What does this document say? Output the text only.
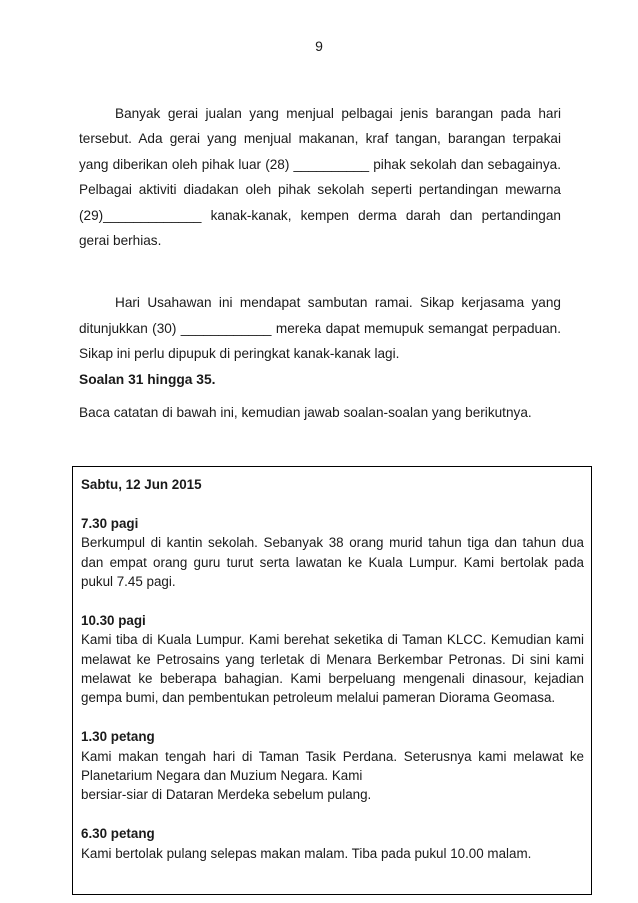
9

Banyak gerai jualan yang menjual pelbagai jenis barangan pada hari tersebut. Ada gerai yang menjual makanan, kraf tangan, barangan terpakai yang diberikan oleh pihak luar (28) __________ pihak sekolah dan sebagainya. Pelbagai aktiviti diadakan oleh pihak sekolah seperti pertandingan mewarna (29)_____________ kanak-kanak, kempen derma darah dan pertandingan gerai berhias.

Hari Usahawan ini mendapat sambutan ramai. Sikap kerjasama yang ditunjukkan (30) ____________ mereka dapat memupuk semangat perpaduan. Sikap ini perlu dipupuk di peringkat kanak-kanak lagi.

Soalan 31 hingga 35.

Baca catatan di bawah ini, kemudian jawab soalan-soalan yang berikutnya.

Sabtu, 12 Jun 2015
7.30 pagi
Berkumpul di kantin sekolah. Sebanyak 38 orang murid tahun tiga dan tahun dua dan empat orang guru turut serta lawatan ke Kuala Lumpur. Kami bertolak pada pukul 7.45 pagi.
10.30 pagi
Kami tiba di Kuala Lumpur. Kami berehat seketika di Taman KLCC. Kemudian kami melawat ke Petrosains yang terletak di Menara Berkembar Petronas. Di sini kami melawat ke beberapa bahagian. Kami berpeluang mengenali dinasour, kejadian gempa bumi, dan pembentukan petroleum melalui pameran Diorama Geomasa.
1.30 petang
Kami makan tengah hari di Taman Tasik Perdana. Seterusnya kami melawat ke Planetarium Negara dan Muzium Negara. Kami
bersiar-siar di Dataran Merdeka sebelum pulang.
6.30 petang
Kami bertolak pulang selepas makan malam. Tiba pada pukul 10.00 malam.
